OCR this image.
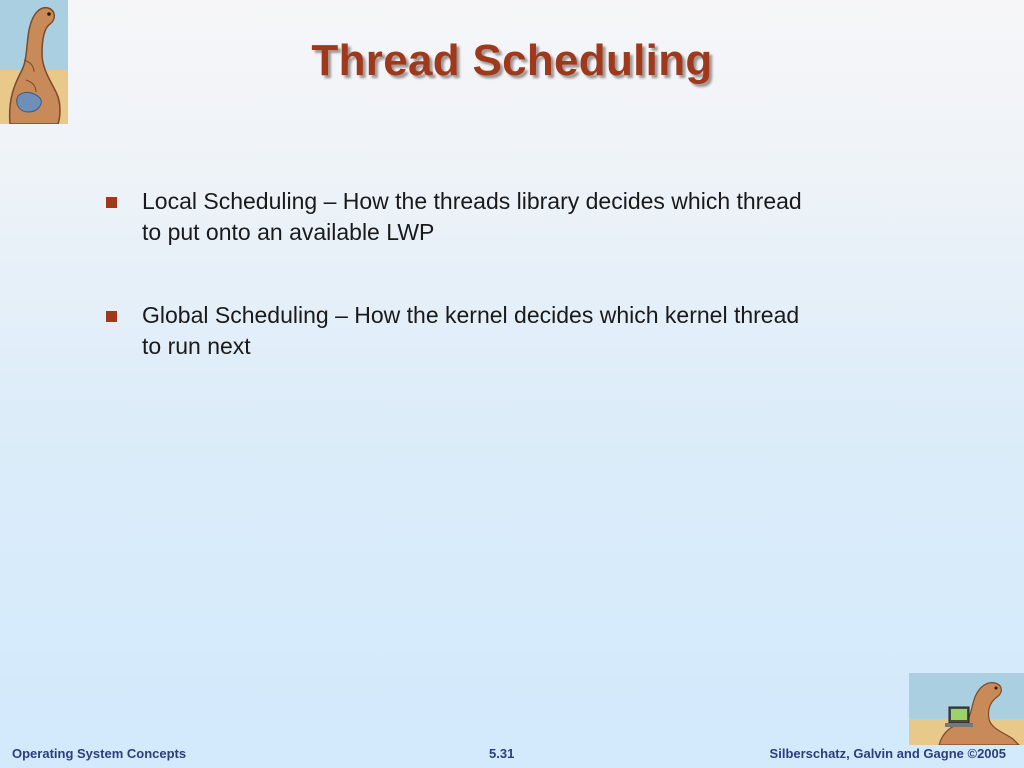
Thread Scheduling
Local Scheduling – How the threads library decides which thread to put onto an available LWP
Global Scheduling – How the kernel decides which kernel thread to run next
Operating System Concepts	5.31	Silberschatz, Galvin and Gagne ©2005
